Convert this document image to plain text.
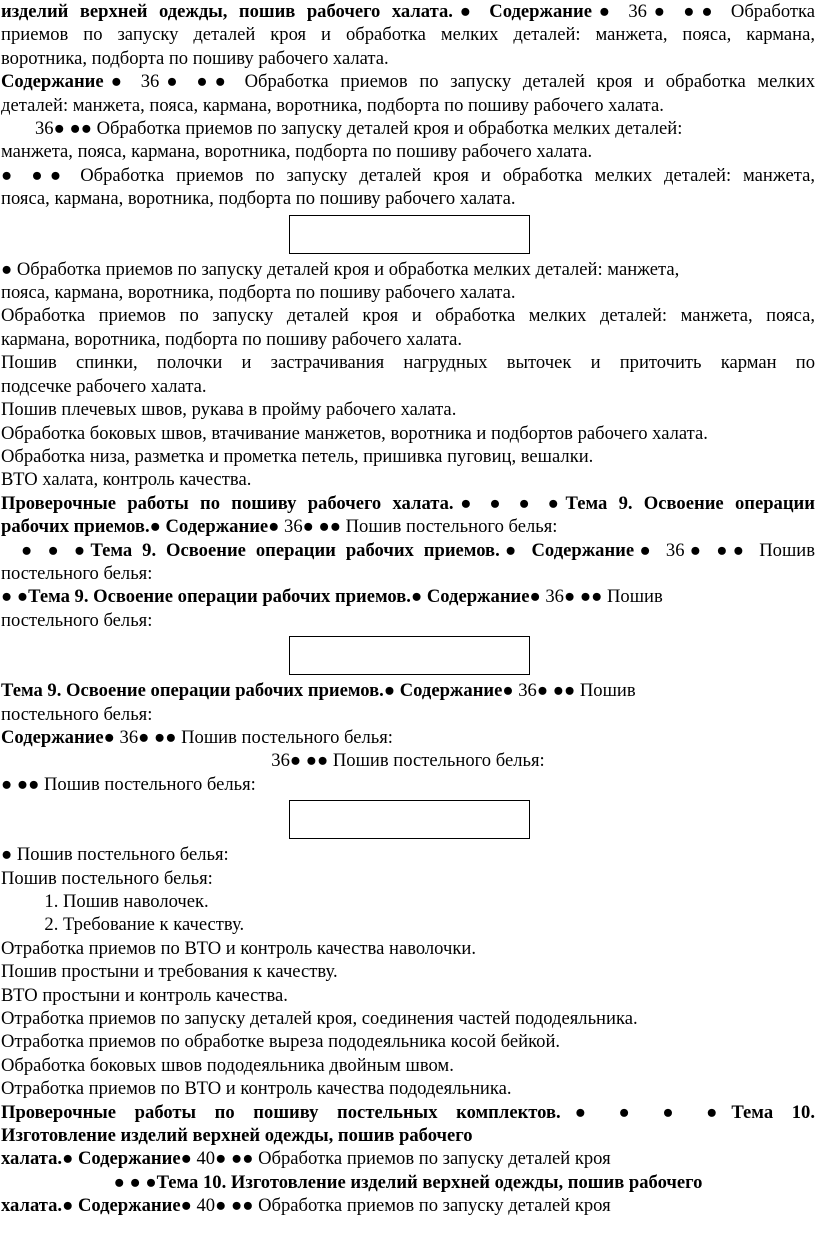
изделий верхней одежды, пошив рабочего халата.● Содержание● 36● ●● Обработка

приемов по запуску деталей кроя и обработка мелких деталей: манжета, пояса, кармана,

воротника, подборта по пошиву рабочего халата.

Содержание● 36● ●● Обработка приемов по запуску деталей кроя и обработка мелких

деталей: манжета, пояса, кармана, воротника, подборта по пошиву рабочего халата.

36● ●● Обработка приемов по запуску деталей кроя и обработка мелких деталей:

манжета, пояса, кармана, воротника, подборта по пошиву рабочего халата.

● ●● Обработка приемов по запуску деталей кроя и обработка мелких деталей: манжета,

пояса, кармана, воротника, подборта по пошиву рабочего халата.

● Обработка приемов по запуску деталей кроя и обработка мелких деталей: манжета,

пояса, кармана, воротника, подборта по пошиву рабочего халата.

Обработка приемов по запуску деталей кроя и обработка мелких деталей: манжета, пояса,

кармана, воротника, подборта по пошиву рабочего халата.

Пошив спинки, полочки и застрачивания нагрудных выточек и приточить карман по

подсечке рабочего халата.

Пошив плечевых швов, рукава в пройму рабочего халата.

Обработка боковых швов, втачивание манжетов, воротника и подбортов рабочего халата.

Обработка низа, разметка и прометка петель, пришивка пуговиц, вешалки.

ВТО халата, контроль качества.

Проверочные работы по пошиву рабочего халата.● ● ● ●Тема 9. Освоение операции

рабочих приемов.● Содержание● 36● ●● Пошив постельного белья:

● ● ●Тема 9. Освоение операции рабочих приемов.● Содержание● 36● ●● Пошив

постельного белья:

● ●Тема 9. Освоение операции рабочих приемов.● Содержание● 36● ●● Пошив

постельного белья:

Тема 9. Освоение операции рабочих приемов.● Содержание● 36● ●● Пошив

постельного белья:

Содержание● 36● ●● Пошив постельного белья:

36● ●● Пошив постельного белья:

● ●● Пошив постельного белья:

● Пошив постельного белья:

Пошив постельного белья:

1. Пошив наволочек.
2. Требование к качеству.

Отработка приемов по ВТО и контроль качества наволочки.

Пошив простыни и требования к качеству.

ВТО простыни и контроль качества.

Отработка приемов по запуску деталей кроя, соединения частей пододеяльника.

Отработка приемов по обработке выреза пододеяльника косой бейкой.

Обработка боковых швов пододеяльника двойным швом.

Отработка приемов по ВТО и контроль качества пододеяльника.

Проверочные работы по пошиву постельных комплектов.● ● ● ●Тема 10.

Изготовление изделий верхней одежды, пошив рабочего

халата.● Содержание● 40● ●● Обработка приемов по запуску деталей кроя

● ● ●Тема 10. Изготовление изделий верхней одежды, пошив рабочего

халата.● Содержание● 40● ●● Обработка приемов по запуску деталей кроя
